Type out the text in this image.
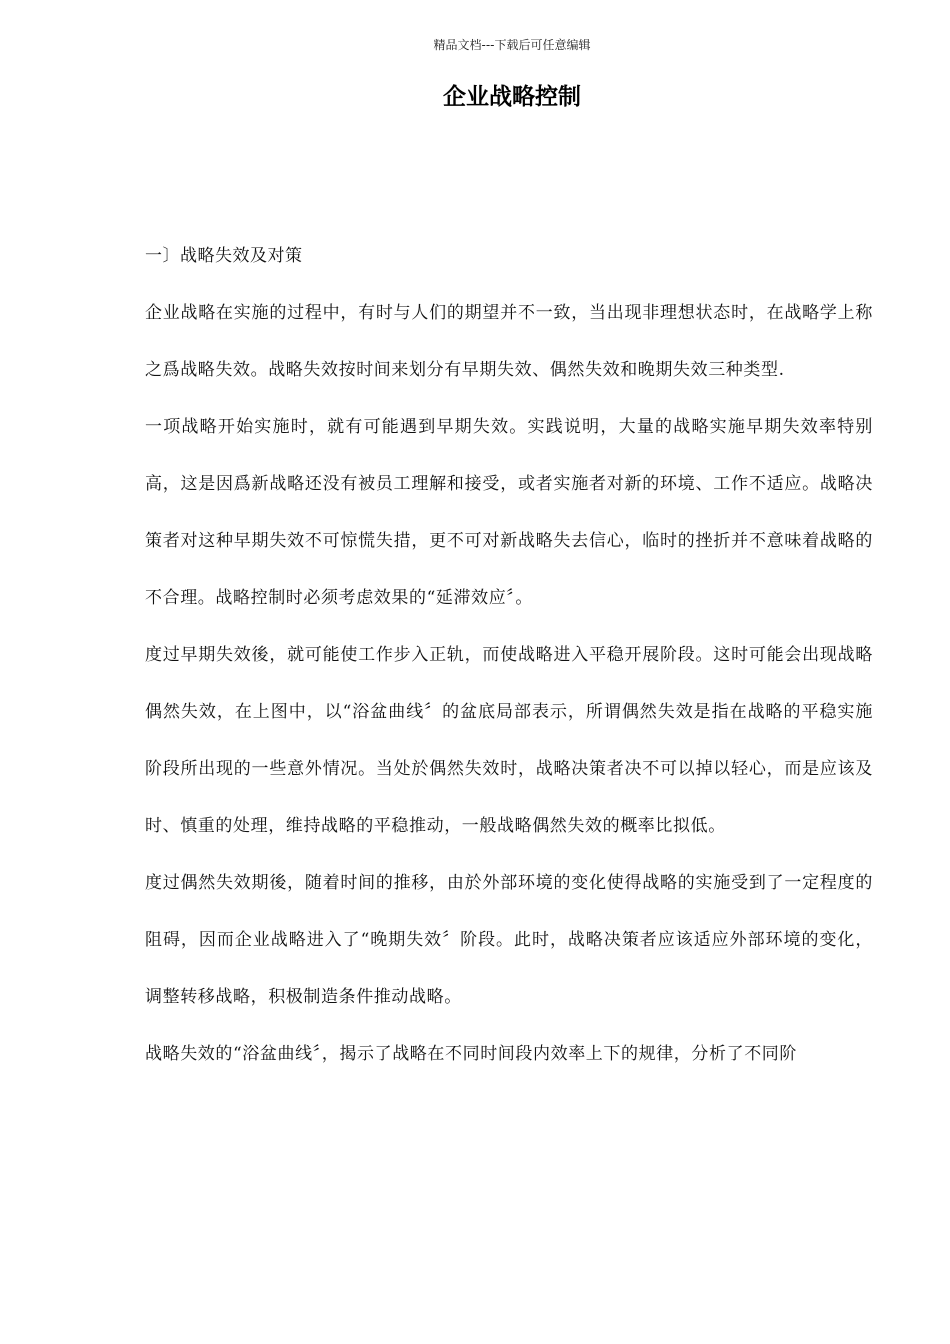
精品文档---下载后可任意编辑
企业战略控制

一〕战略失效及对策

企业战略在实施的过程中，有时与人们的期望并不一致，当出现非理想状态时，在战略学上称之爲战略失效。战略失效按时间来划分有早期失效、偶然失效和晚期失效三种类型.

一项战略开始实施时，就有可能遇到早期失效。实践说明，大量的战略实施早期失效率特别高，这是因爲新战略还没有被员工理解和接受，或者实施者对新的环境、工作不适应。战略决策者对这种早期失效不可惊慌失措，更不可对新战略失去信心，临时的挫折并不意味着战略的不合理。战略控制时必须考虑效果的“延滞效应〞。

度过早期失效後，就可能使工作步入正轨，而使战略进入平稳开展阶段。这时可能会出现战略偶然失效，在上图中，以“浴盆曲线〞的盆底局部表示，所谓偶然失效是指在战略的平稳实施阶段所出现的一些意外情况。当处於偶然失效时，战略决策者决不可以掉以轻心，而是应该及时、慎重的处理，维持战略的平稳推动，一般战略偶然失效的概率比拟低。

度过偶然失效期後，随着时间的推移，由於外部环境的变化使得战略的实施受到了一定程度的阻碍，因而企业战略进入了“晚期失效〞阶段。此时，战略决策者应该适应外部环境的变化，调整转移战略，积极制造条件推动战略。

战略失效的“浴盆曲线〞，揭示了战略在不同时间段内效率上下的规律，分析了不同阶
